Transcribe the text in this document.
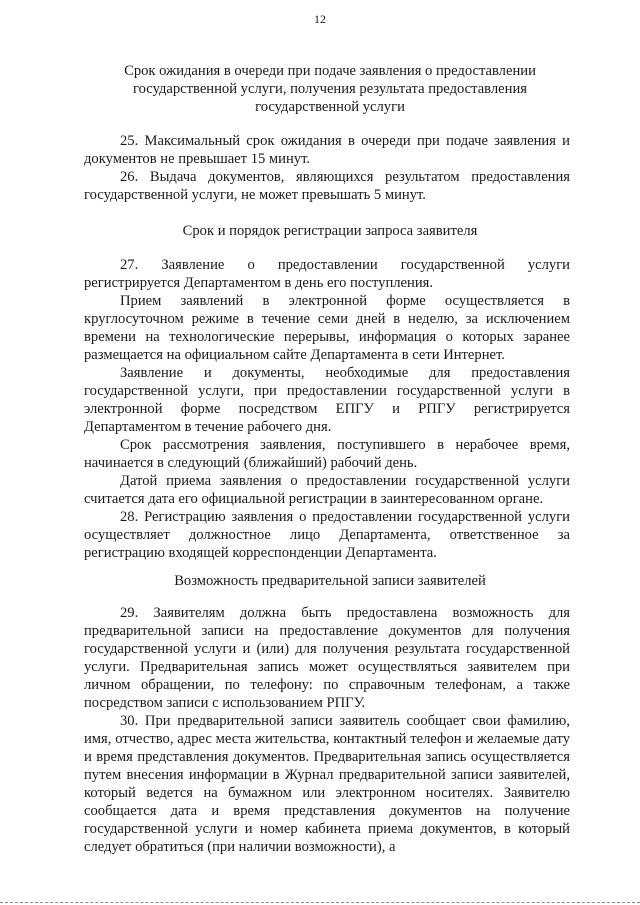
12
Срок ожидания в очереди при подаче заявления о предоставлении государственной услуги, получения результата предоставления государственной услуги

25. Максимальный срок ожидания в очереди при подаче заявления и документов не превышает 15 минут.

26. Выдача документов, являющихся результатом предоставления государственной услуги, не может превышать 5 минут.

Срок и порядок регистрации запроса заявителя

27. Заявление о предоставлении государственной услуги регистрируется Департаментом в день его поступления.

Прием заявлений в электронной форме осуществляется в круглосуточном режиме в течение семи дней в неделю, за исключением времени на технологические перерывы, информация о которых заранее размещается на официальном сайте Департамента в сети Интернет.

Заявление и документы, необходимые для предоставления государственной услуги, при предоставлении государственной услуги в электронной форме посредством ЕПГУ и РПГУ регистрируется Департаментом в течение рабочего дня.

Срок рассмотрения заявления, поступившего в нерабочее время, начинается в следующий (ближайший) рабочий день.

Датой приема заявления о предоставлении государственной услуги считается дата его официальной регистрации в заинтересованном органе.

28. Регистрацию заявления о предоставлении государственной услуги осуществляет должностное лицо Департамента, ответственное за регистрацию входящей корреспонденции Департамента.

Возможность предварительной записи заявителей

29. Заявителям должна быть предоставлена возможность для предварительной записи на предоставление документов для получения государственной услуги и (или) для получения результата государственной услуги. Предварительная запись может осуществляться заявителем при личном обращении, по телефону: по справочным телефонам, а также посредством записи с использованием РПГУ.

30. При предварительной записи заявитель сообщает свои фамилию, имя, отчество, адрес места жительства, контактный телефон и желаемые дату и время представления документов. Предварительная запись осуществляется путем внесения информации в Журнал предварительной записи заявителей, который ведется на бумажном или электронном носителях. Заявителю сообщается дата и время представления документов на получение государственной услуги и номер кабинета приема документов, в который следует обратиться (при наличии возможности), а
